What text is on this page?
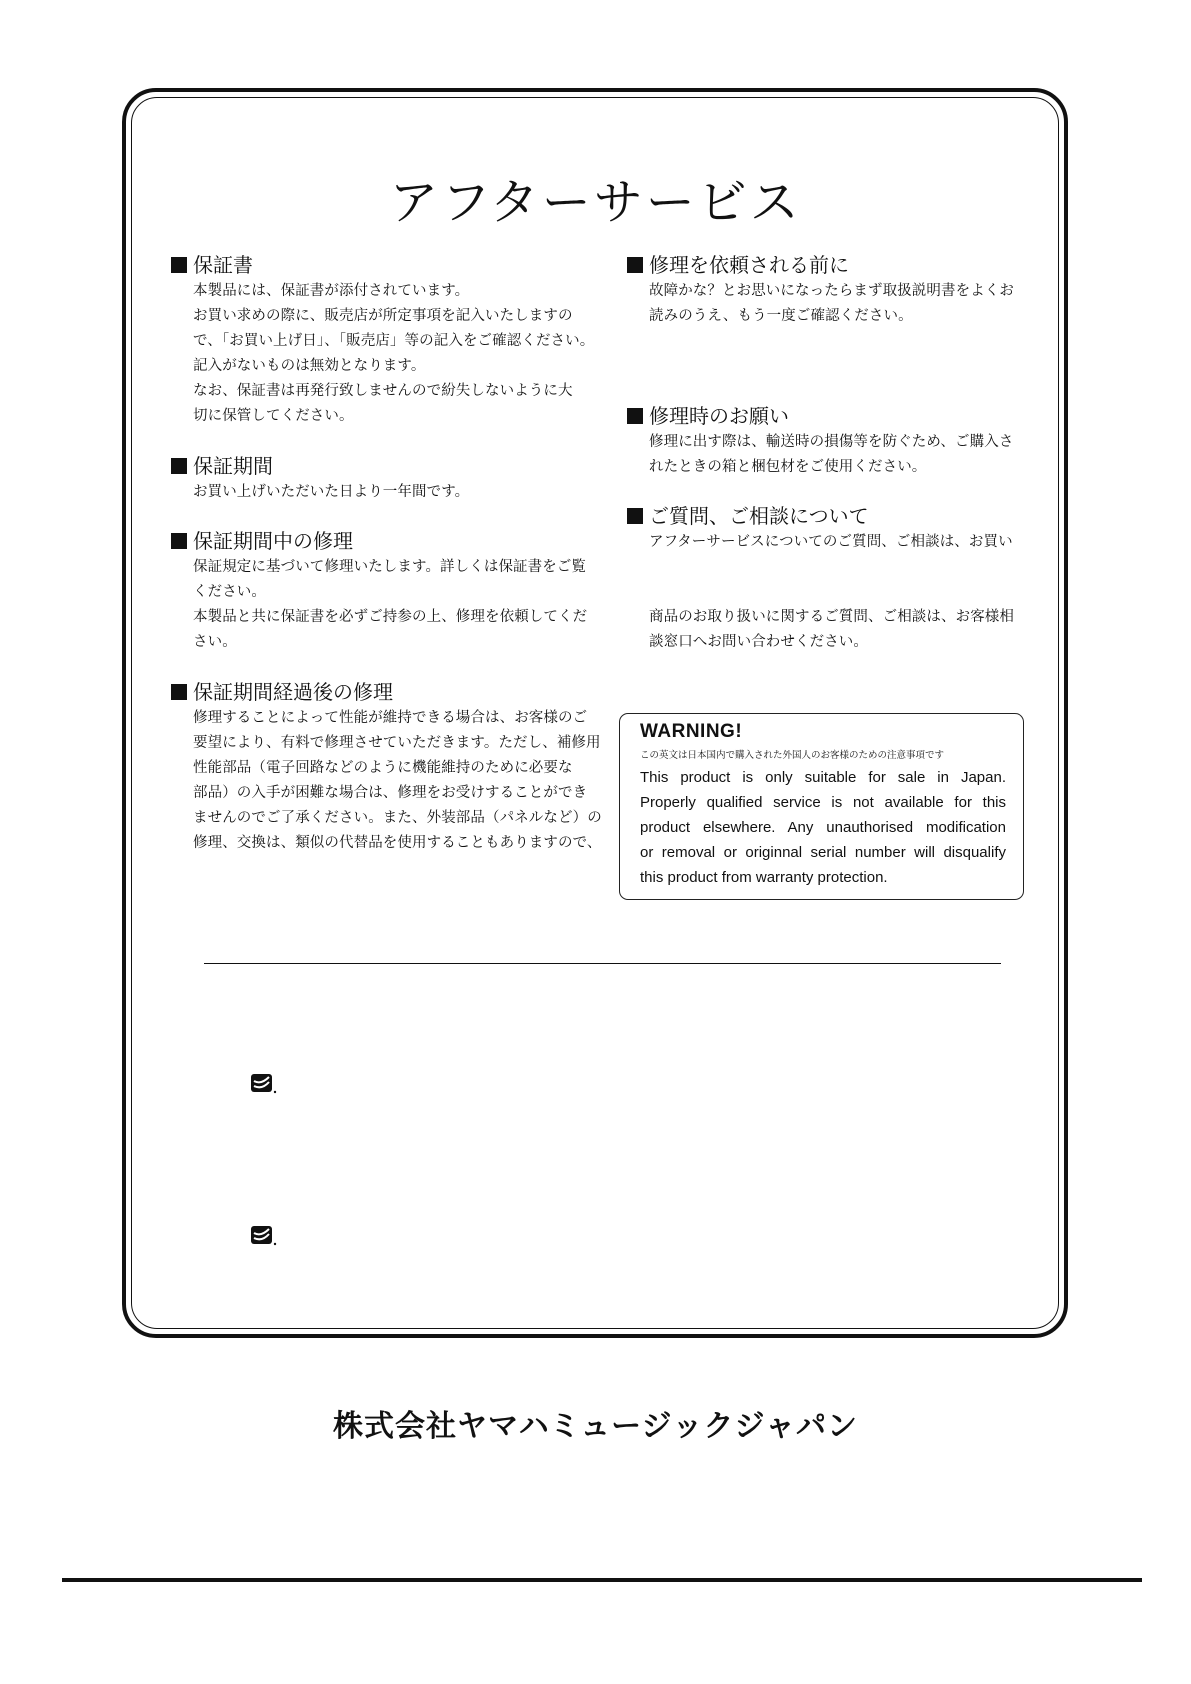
アフターサービス
保証書
本製品には、保証書が添付されています。
お買い求めの際に、販売店が所定事項を記入いたしますの
で、「お買い上げ日」、「販売店」等の記入をご確認ください。
記入がないものは無効となります。
なお、保証書は再発行致しませんので紛失しないように大
切に保管してください。
保証期間
お買い上げいただいた日より一年間です。
保証期間中の修理
保証規定に基づいて修理いたします。詳しくは保証書をご覧
ください。
本製品と共に保証書を必ずご持参の上、修理を依頼してくだ
さい。
保証期間経過後の修理
修理することによって性能が維持できる場合は、お客様のご
要望により、有料で修理させていただきます。ただし、補修用
性能部品（電子回路などのように機能維持のために必要な
部品）の入手が困難な場合は、修理をお受けすることができ
ませんのでご了承ください。また、外装部品（パネルなど）の
修理、交換は、類似の代替品を使用することもありますので、
修理を依頼される前に
故障かな？とお思いになったらまず取扱説明書をよくお
読みのうえ、もう一度ご確認ください。
修理時のお願い
修理に出す際は、輸送時の損傷等を防ぐため、ご購入さ
れたときの箱と梱包材をご使用ください。
ご質問、ご相談について
アフターサービスについてのご質問、ご相談は、お買い
商品のお取り扱いに関するご質問、ご相談は、お客様相
談窓口へお問い合わせください。
WARNING!
この英文は日本国内で購入された外国人のお客様のための注意事項です
This product is only suitable for sale in Japan.
Properly qualified service is not available for this
product elsewhere. Any unauthorised modification
or removal or originnal serial number will disqualify
this product from warranty protection.
株式会社ヤマハミュージックジャパン
